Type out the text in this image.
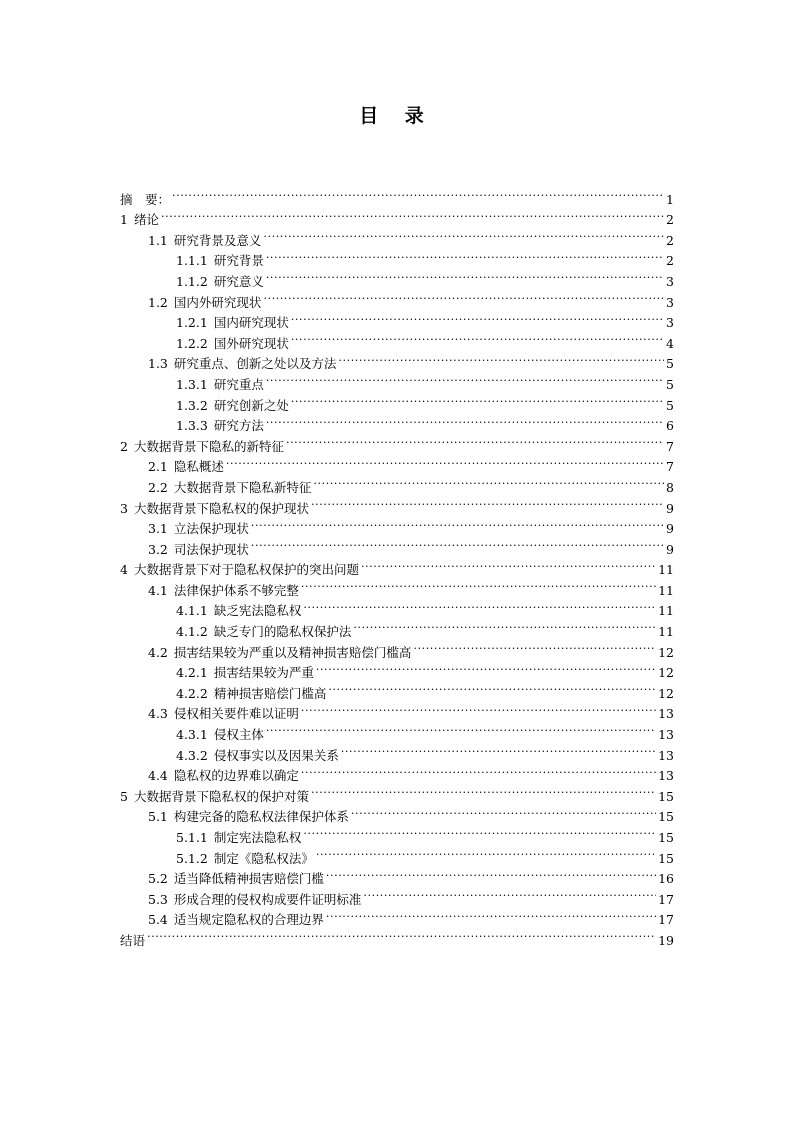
目 录
摘　要： .....	1
1 绪论 .....	2
1.1 研究背景及意义 .....	2
1.1.1 研究背景 .....	2
1.1.2 研究意义 .....	3
1.2 国内外研究现状 .....	3
1.2.1 国内研究现状 .....	3
1.2.2 国外研究现状 .....	4
1.3 研究重点、创新之处以及方法 .....	5
1.3.1 研究重点 .....	5
1.3.2 研究创新之处 .....	5
1.3.3 研究方法 .....	6
2 大数据背景下隐私的新特征 .....	7
2.1 隐私概述 .....	7
2.2 大数据背景下隐私新特征 .....	8
3 大数据背景下隐私权的保护现状 .....	9
3.1 立法保护现状 .....	9
3.2 司法保护现状 .....	9
4 大数据背景下对于隐私权保护的突出问题 .....	11
4.1 法律保护体系不够完整 .....	11
4.1.1 缺乏宪法隐私权 .....	11
4.1.2 缺乏专门的隐私权保护法 .....	11
4.2 损害结果较为严重以及精神损害赔偿门槛高 .....	12
4.2.1 损害结果较为严重 .....	12
4.2.2 精神损害赔偿门槛高 .....	12
4.3 侵权相关要件难以证明 .....	13
4.3.1 侵权主体 .....	13
4.3.2 侵权事实以及因果关系 .....	13
4.4 隐私权的边界难以确定 .....	13
5 大数据背景下隐私权的保护对策 .....	15
5.1 构建完备的隐私权法律保护体系 .....	15
5.1.1 制定宪法隐私权 .....	15
5.1.2 制定《隐私权法》 .....	15
5.2 适当降低精神损害赔偿门槛 .....	16
5.3 形成合理的侵权构成要件证明标准 .....	17
5.4 适当规定隐私权的合理边界 .....	17
结语 .....	19
